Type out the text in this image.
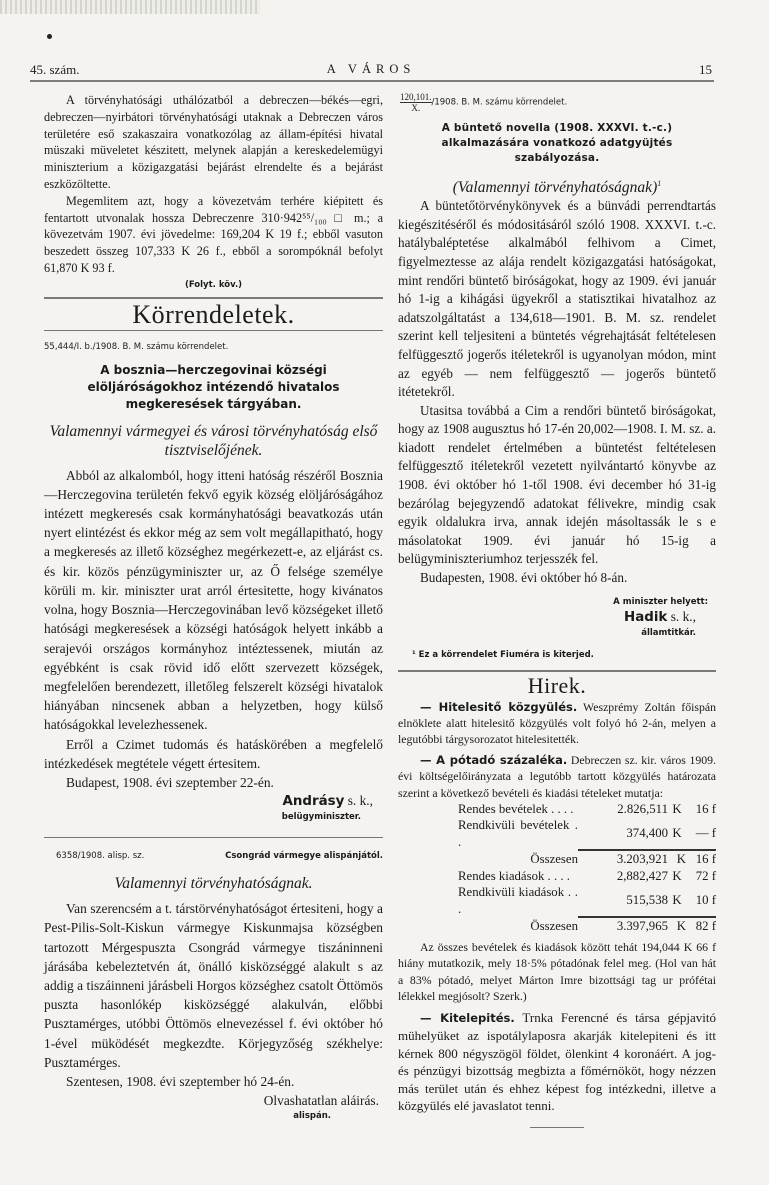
45. szám.	A VÁROS	15

A törvényhatósági uthálózatból a debreczen—békés—egri, debreczen—nyirbátori törvényhatósági utaknak a Debreczen város területére eső szakaszaira vonatkozólag az állam-építési hivatal müszaki müveletet készitett, melynek alapján a kereskedelemügyi miniszterium a közigazgatási bejárást elrendelte és a bejárást eszközöltette.

Megemlitem azt, hogy a kövezetvám terhére kiépitett és fentartott utvonalak hossza Debreczenre 310·942⁵⁵/₁₀₀ □ m.; a kövezetvám 1907. évi jövedelme: 169,204 K 19 f.; ebből vasuton beszedett összeg 107,333 K 26 f., ebből a sorompóknál befolyt 61,870 K 93 f.

(Folyt. köv.)

Körrendeletek.

55,444/I. b./1908. B. M. számu körrendelet.

A bosznia—herczegovinai községi elöljáróságokhoz intézendő hivatalos megkeresések tárgyában.

Valamennyi vármegyei és városi törvényhatóság első tisztviselőjének.

Abból az alkalomból, hogy itteni hatóság részéről Bosznia—Herczegovina területén fekvő egyik község elöljáróságához intézett megkeresés csak kormányhatósági beavatkozás után nyert elintézést és ekkor még az sem volt megállapitható, hogy a megkeresés az illető községhez megérkezett-e, az eljárást cs. és kir. közös pénzügyminiszter ur, az Ő felsége személye körüli m. kir. miniszter urat arról értesitette, hogy kivánatos volna, hogy Bosznia—Herczegovinában levő községeket illető hatósági megkeresések a községi hatóságok helyett inkább a serajevói országos kormányhoz intéztessenek, miután az egyébként is csak rövid idő előtt szervezett községek, megfelelően berendezett, illetőleg felszerelt községi hivatalok hiányában nincsenek abban a helyzetben, hogy külső hatóságokkal levelezhessenek.

Erről a Czimet tudomás és hatáskörében a megfelelő intézkedések megtétele végett értesitem.

Budapest, 1908. évi szeptember 22-én.

Andrásy s. k.,

belügyminiszter.

6358/1908. alisp. sz.	Csongrád vármegye alispánjától.

Valamennyi törvényhatóságnak.

Van szerencsém a t. társtörvényhatóságot értesiteni, hogy a Pest-Pilis-Solt-Kiskun vármegye Kiskunmajsa községben tartozott Mérgespuszta Csongrád vármegye tiszáninneni járásába kebeleztetvén át, önálló kisközséggé alakult s az addig a tiszáinneni járásbeli Horgos községhez csatolt Öttömös puszta hasonlókép kisközséggé alakulván, előbbi Pusztamérges, utóbbi Öttömös elnevezéssel f. évi október hó 1-ével müködését megkezdte. Körjegyzőség székhelye: Pusztamérges.

Szentesen, 1908. évi szeptember hó 24-én.

Olvashatatlan aláirás.

alispán.

$\frac{120,101.}{X.}/1908$. B. M. számu körrendelet.

A büntető novella (1908. XXXVI. t.-c.) alkalmazására vonatkozó adatgyüjtés szabályozása.

(Valamennyi törvényhatóságnak)$^1$

A büntetőtörvénykönyvek és a bünvádi perrendtartás kiegészitéséről és módositásáról szóló 1908. XXXVI. t.-c. hatálybaléptetése alkalmából felhivom a Cimet, figyelmeztesse az alája rendelt közigazgatási hatóságokat, mint rendőri büntető biróságokat, hogy az 1909. évi január hó 1-ig a kihágási ügyekről a statisztikai hivatalhoz az adatszolgáltatást a 134,618—1901. B. M. sz. rendelet szerint kell teljesiteni a büntetés végrehajtását feltételesen felfüggesztő jogerős itéletekről is ugyanolyan módon, mint az egyéb — nem felfüggesztő — jogerős büntető itétetekről.

Utasitsa továbbá a Cim a rendőri büntető biróságokat, hogy az 1908 augusztus hó 17-én 20,002—1908. I. M. sz. a. kiadott rendelet értelmében a büntetést feltételesen felfüggesztő itéletekről vezetett nyilvántartó könyvbe az 1908. évi október hó 1-től 1908. évi december hó 31-ig bezárólag bejegyzendő adatokat félivekre, mindig csak egyik oldalukra irva, annak idején másoltassák le s e másolatokat 1909. évi január hó 15-ig a belügyminiszteriumhoz terjesszék fel.

Budapesten, 1908. évi október hó 8-án.

A miniszter helyett:

Hadik s. k.,

államtitkár.

¹ Ez a körrendelet Fiuméra is kiterjed.

Hirek.

— Hitelesitő közgyülés. Weszprémy Zoltán főispán elnöklete alatt hitelesitő közgyülés volt folyó hó 2-án, melyen a legutóbbi tárgysorozatot hitelesitették.

— A pótadó százaléka. Debreczen sz. kir. város 1909. évi költségelőirányzata a legutóbb tartott közgyülés határozata szerint a következő bevételi és kiadási tételeket mutatja:

Rendes bevételek . . . .	2.826,511	K	16 f
Rendkivüli bevételek . .	374,400	K	— f
Összesen	3.203,921	K	16 f
Rendes kiadások . . . .	2,882,427	K	72 f
Rendkivüli kiadások . . .	515,538	K	10 f
Összesen	3.397,965	K	82 f

Az összes bevételek és kiadások között tehát 194,044 K 66 f hiány mutatkozik, mely 18·5% pótadónak felel meg. (Hol van hát a 83% pótadó, melyet Márton Imre bizottsági tag ur prófétai lélekkel megjósolt? Szerk.)

— Kitelepités. Trnka Ferencné és társa gépjavitó mühelyüket az ispotálylaposra akarják kitelepiteni és itt kérnek 800 négyszögöl földet, ölenkint 4 koronáért. A jog- és pénzügyi bizottság megbizta a főmérnököt, hogy nézzen más terület után és ehhez képest fog intézkedni, illetve a közgyülés elé javaslatot tenni.
